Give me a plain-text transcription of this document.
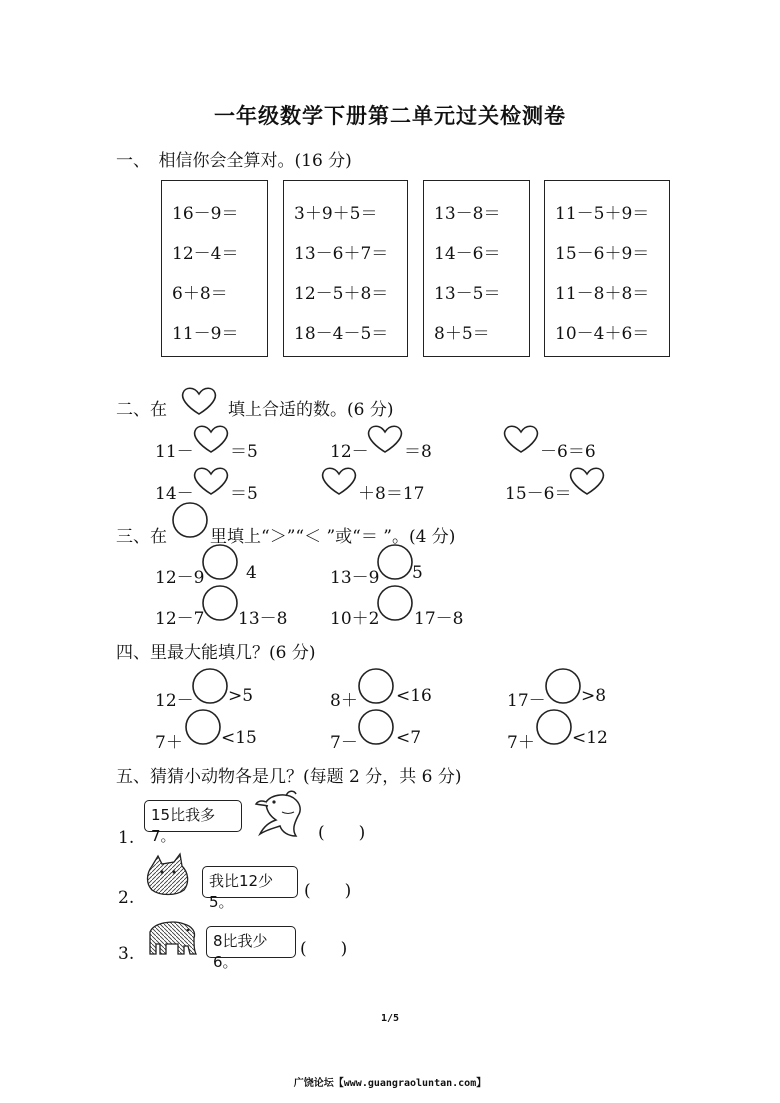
一年级数学下册第二单元过关检测卷
一、　相信你会全算对。(16 分)
16－9＝
12－4＝
6＋8＝
11－9＝
3＋9＋5＝
13－6＋7＝
12－5＋8＝
18－4－5＝
13－8＝
14－6＝
13－5＝
8＋5＝
11－5＋9＝
15－6＋9＝
11－8＋8＝
10－4＋6＝
二、在	填上合适的数。(6 分)
11－ ＝5	12－ ＝8	－6＝6
14－ ＝5	＋8＝17	15－6＝
三、在	里填上“＞”“＜ ”或“＝ ”。(4 分)
12－9 4	13－9 5
12－7 13－8	10＋2 17－8
四、里最大能填几？(6 分)
12－ >5	8＋ <16	17－ >8
7＋ <15	7－ <7	7＋ <12
五、猜猜小动物各是几？(每题 2 分，共 6 分)
1.
15比我多7。	(　　)
2.
我比12少5。
(　　)
3.
8比我少6。
(　　)
1/5
广饶论坛【www.guangraoluntan.com】
